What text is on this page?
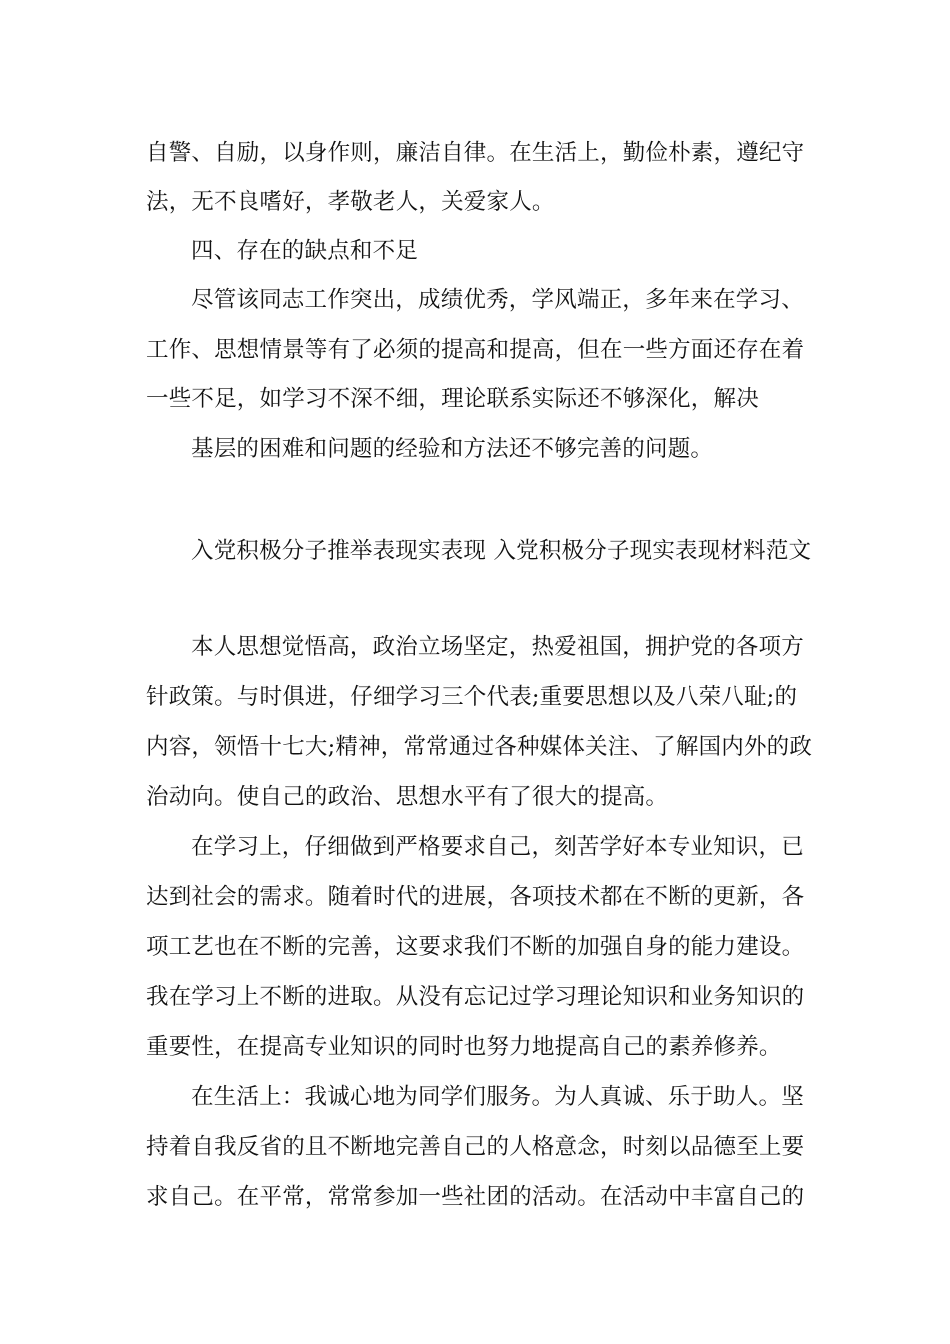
自警、自励，以身作则，廉洁自律。在生活上，勤俭朴素，遵纪守
法，无不良嗜好，孝敬老人，关爱家人。
四、存在的缺点和不足
尽管该同志工作突出，成绩优秀，学风端正，多年来在学习、
工作、思想情景等有了必须的提高和提高，但在一些方面还存在着
一些不足，如学习不深不细，理论联系实际还不够深化，解决
基层的困难和问题的经验和方法还不够完善的问题。
入党积极分子推举表现实表现 入党积极分子现实表现材料范文
本人思想觉悟高，政治立场坚定，热爱祖国，拥护党的各项方
针政策。与时俱进，仔细学习三个代表;重要思想以及八荣八耻;的
内容，领悟十七大;精神，常常通过各种媒体关注、了解国内外的政
治动向。使自己的政治、思想水平有了很大的提高。
在学习上，仔细做到严格要求自己，刻苦学好本专业知识，已
达到社会的需求。随着时代的进展，各项技术都在不断的更新，各
项工艺也在不断的完善，这要求我们不断的加强自身的能力建设。
我在学习上不断的进取。从没有忘记过学习理论知识和业务知识的
重要性，在提高专业知识的同时也努力地提高自己的素养修养。
在生活上：我诚心地为同学们服务。为人真诚、乐于助人。坚
持着自我反省的且不断地完善自己的人格意念，时刻以品德至上要
求自己。在平常，常常参加一些社团的活动。在活动中丰富自己的
